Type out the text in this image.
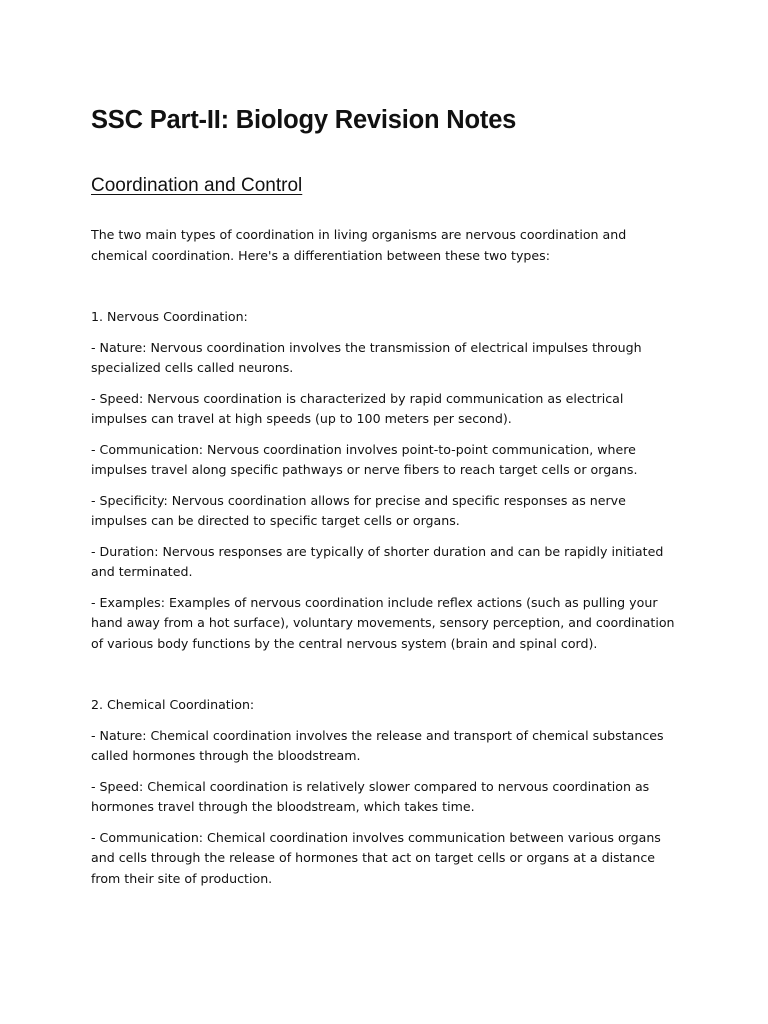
SSC Part-II: Biology Revision Notes
Coordination and Control

The two main types of coordination in living organisms are nervous coordination and chemical coordination. Here's a differentiation between these two types:

1. Nervous Coordination:

- Nature: Nervous coordination involves the transmission of electrical impulses through specialized cells called neurons.

- Speed: Nervous coordination is characterized by rapid communication as electrical impulses can travel at high speeds (up to 100 meters per second).

- Communication: Nervous coordination involves point-to-point communication, where impulses travel along specific pathways or nerve fibers to reach target cells or organs.

- Specificity: Nervous coordination allows for precise and specific responses as nerve impulses can be directed to specific target cells or organs.

- Duration: Nervous responses are typically of shorter duration and can be rapidly initiated and terminated.

- Examples: Examples of nervous coordination include reflex actions (such as pulling your hand away from a hot surface), voluntary movements, sensory perception, and coordination of various body functions by the central nervous system (brain and spinal cord).

2. Chemical Coordination:

- Nature: Chemical coordination involves the release and transport of chemical substances called hormones through the bloodstream.

- Speed: Chemical coordination is relatively slower compared to nervous coordination as hormones travel through the bloodstream, which takes time.

- Communication: Chemical coordination involves communication between various organs and cells through the release of hormones that act on target cells or organs at a distance from their site of production.
